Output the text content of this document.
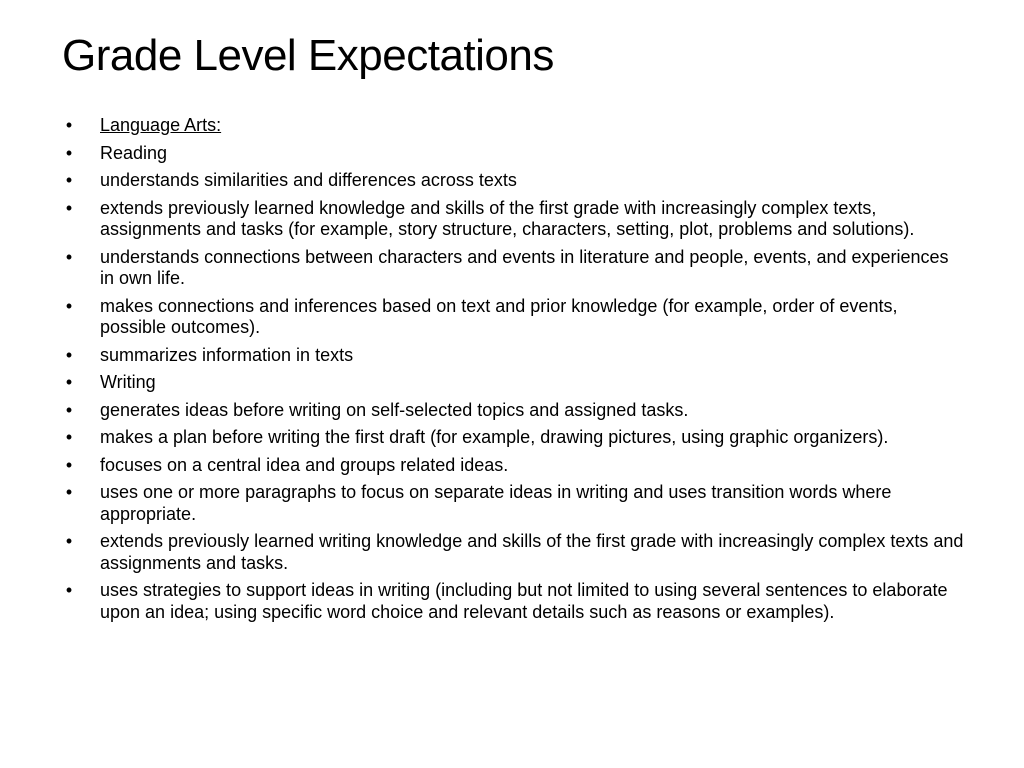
Grade Level Expectations
• Language Arts:
• Reading
• understands similarities and differences across texts
• extends previously learned knowledge and skills of the first grade with increasingly complex texts, assignments and tasks (for example, story structure, characters, setting, plot, problems and solutions).
• understands connections between characters and events in literature and people, events, and experiences in own life.
• makes connections and inferences based on text and prior knowledge (for example, order of events, possible outcomes).
• summarizes information in texts
• Writing
• generates ideas before writing on self-selected topics and assigned tasks.
• makes a plan before writing the first draft (for example, drawing pictures, using graphic organizers).
• focuses on a central idea and groups related ideas.
• uses one or more paragraphs to focus on separate ideas in writing and uses transition words where appropriate.
• extends previously learned writing knowledge and skills of the first grade with increasingly complex texts and assignments and tasks.
• uses strategies to support ideas in writing (including but not limited to using several sentences to elaborate upon an idea; using specific word choice and relevant details such as reasons or examples).
